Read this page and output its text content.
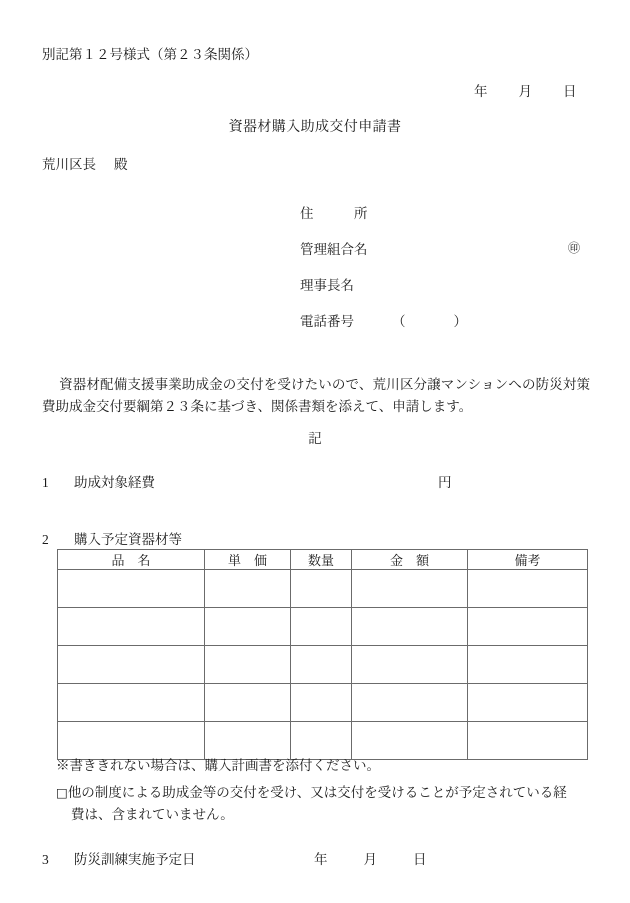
別記第１２号様式（第２３条関係）
年 月 日
資器材購入助成交付申請書
荒川区長 殿
住　　　所
管理組合名	㊞
理事長名
電話番号	（	）
資器材配備支援事業助成金の交付を受けたいので、荒川区分譲マンションへの防災対策費助成金交付要綱第２３条に基づき、関係書類を添えて、申請します。
記
1 助成対象経費	円
2 購入予定資器材等
品　名	単　価	数量	金　額	備考

※書ききれない場合は、購入計画書を添付ください。
□他の制度による助成金等の交付を受け、又は交付を受けることが予定されている経
費は、含まれていません。
3 防災訓練実施予定日	年	月	日
